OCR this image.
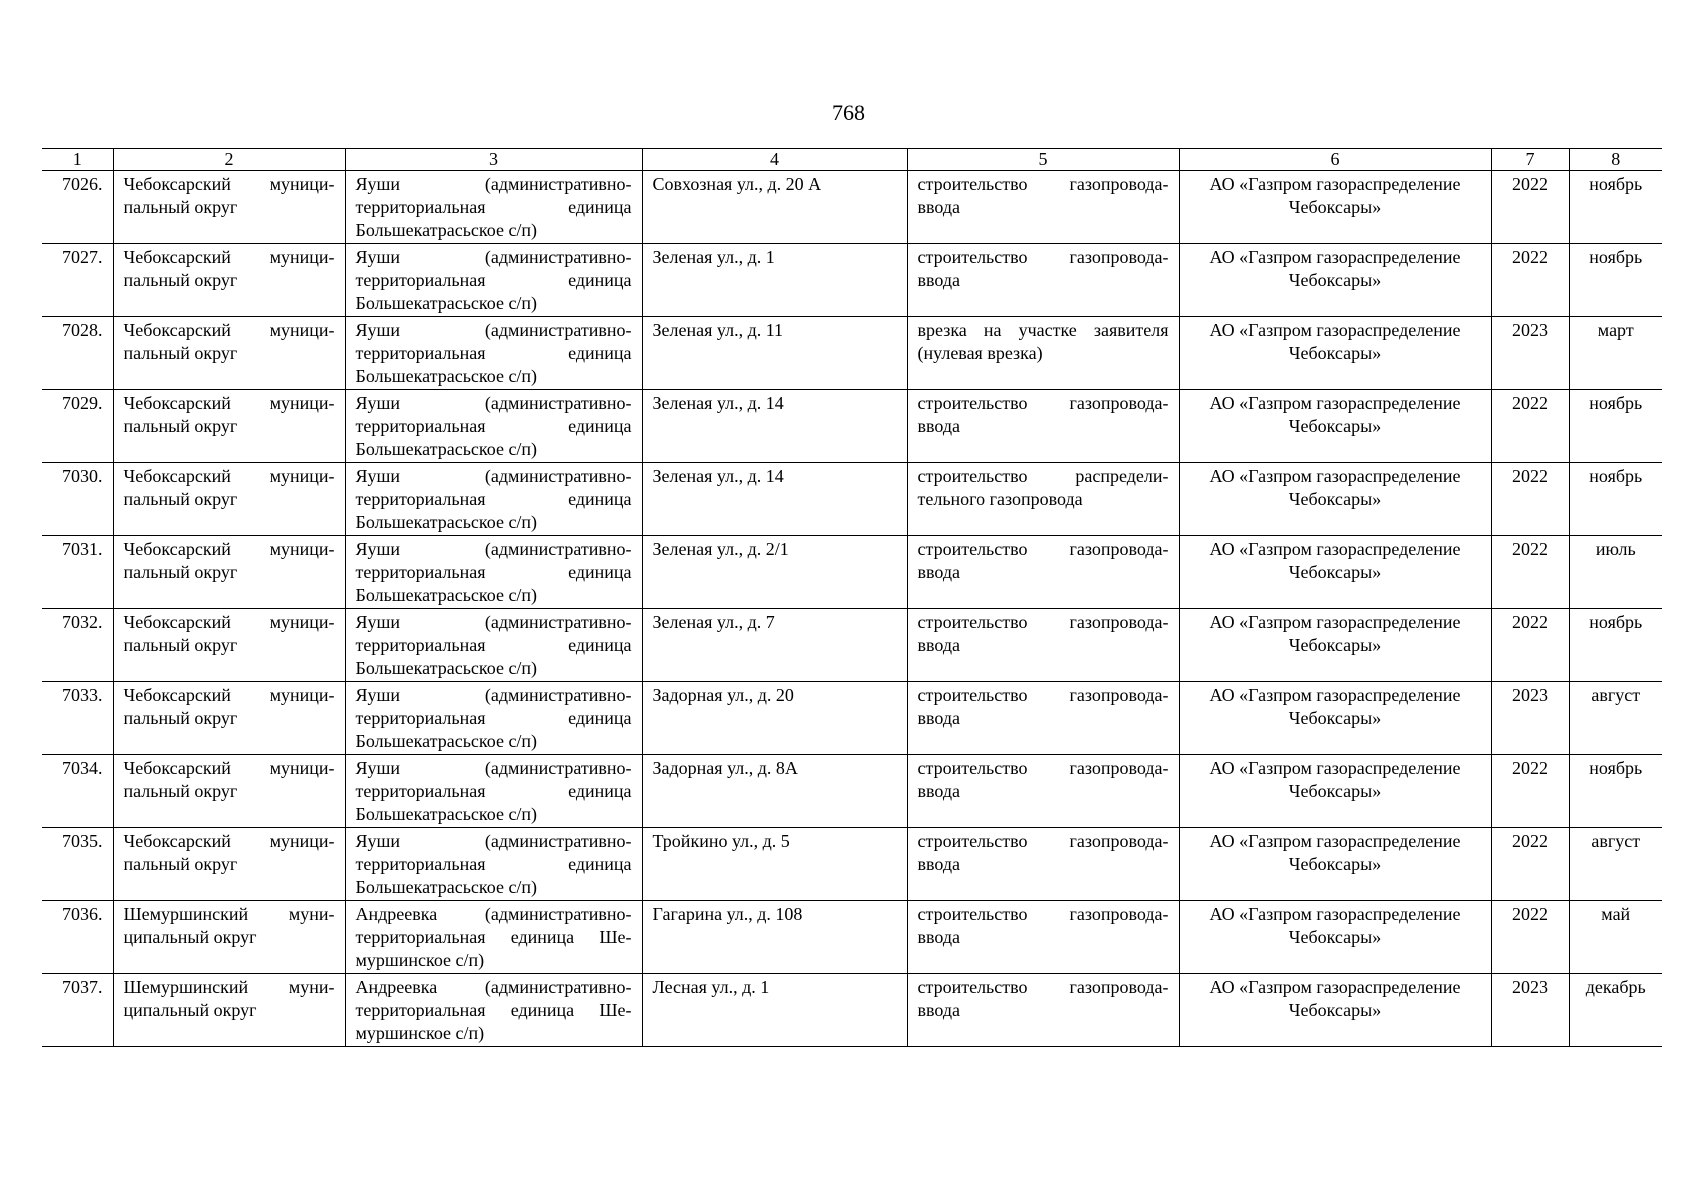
768
1	2	3	4	5	6	7	8
7026.	Чебоксарский муници-пальный округ	Яуши (административно-территориальная единица Большекатрасьское с/п)	Совхозная ул., д. 20 А	строительство газопровода-ввода	АО «Газпром газораспределение Чебоксары»	2022	ноябрь
7027.	Чебоксарский муници-пальный округ	Яуши (административно-территориальная единица Большекатрасьское с/п)	Зеленая ул., д. 1	строительство газопровода-ввода	АО «Газпром газораспределение Чебоксары»	2022	ноябрь
7028.	Чебоксарский муници-пальный округ	Яуши (административно-территориальная единица Большекатрасьское с/п)	Зеленая ул., д. 11	врезка на участке заявителя (нулевая врезка)	АО «Газпром газораспределение Чебоксары»	2023	март
7029.	Чебоксарский муници-пальный округ	Яуши (административно-территориальная единица Большекатрасьское с/п)	Зеленая ул., д. 14	строительство газопровода-ввода	АО «Газпром газораспределение Чебоксары»	2022	ноябрь
7030.	Чебоксарский муници-пальный округ	Яуши (административно-территориальная единица Большекатрасьское с/п)	Зеленая ул., д. 14	строительство распредели-тельного газопровода	АО «Газпром газораспределение Чебоксары»	2022	ноябрь
7031.	Чебоксарский муници-пальный округ	Яуши (административно-территориальная единица Большекатрасьское с/п)	Зеленая ул., д. 2/1	строительство газопровода-ввода	АО «Газпром газораспределение Чебоксары»	2022	июль
7032.	Чебоксарский муници-пальный округ	Яуши (административно-территориальная единица Большекатрасьское с/п)	Зеленая ул., д. 7	строительство газопровода-ввода	АО «Газпром газораспределение Чебоксары»	2022	ноябрь
7033.	Чебоксарский муници-пальный округ	Яуши (административно-территориальная единица Большекатрасьское с/п)	Задорная ул., д. 20	строительство газопровода-ввода	АО «Газпром газораспределение Чебоксары»	2023	август
7034.	Чебоксарский муници-пальный округ	Яуши (административно-территориальная единица Большекатрасьское с/п)	Задорная ул., д. 8А	строительство газопровода-ввода	АО «Газпром газораспределение Чебоксары»	2022	ноябрь
7035.	Чебоксарский муници-пальный округ	Яуши (административно-территориальная единица Большекатрасьское с/п)	Тройкино ул., д. 5	строительство газопровода-ввода	АО «Газпром газораспределение Чебоксары»	2022	август
7036.	Шемуршинский муни-ципальный округ	Андреевка (административно-территориальная единица Ше-муршинское с/п)	Гагарина ул., д. 108	строительство газопровода-ввода	АО «Газпром газораспределение Чебоксары»	2022	май
7037.	Шемуршинский муни-ципальный округ	Андреевка (административно-территориальная единица Ше-муршинское с/п)	Лесная ул., д. 1	строительство газопровода-ввода	АО «Газпром газораспределение Чебоксары»	2023	декабрь
